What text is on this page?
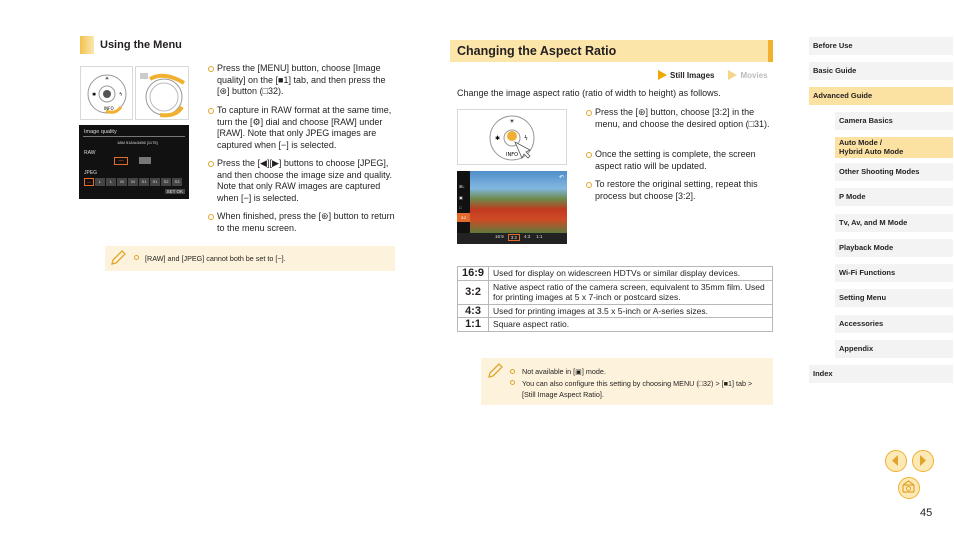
Using the Menu
☀
✱	ϟ
INFO
Image quality
18M 5184x3456 [1175]
RAW
—
JPEG
—	L	L	M	M	S1	S1	S2	S3
SET OK
Press the [MENU] button, choose [Image quality] on the [■1] tab, and then press the [⊛] button (□32).
To capture in RAW format at the same time, turn the [⚙] dial and choose [RAW] under [RAW]. Note that only JPEG images are captured when [−] is selected.
Press the [◀][▶] buttons to choose [JPEG], and then choose the image size and quality. Note that only RAW images are captured when [−] is selected.
When finished, press the [⊛] button to return to the menu screen.
[RAW] and [JPEG] cannot both be set to [−].
Changing the Aspect Ratio
Still Images	Movies
Change the image aspect ratio (ratio of width to height) as follows.
☀
✱	ϟ
INFO
⊞L
▣
□
3:2
↶
16:9	3:2	4:3	1:1
Press the [⊛] button, choose [3:2] in the menu, and choose the desired option (□31).
Once the setting is complete, the screen aspect ratio will be updated.
To restore the original setting, repeat this process but choose [3:2].
16:9	Used for display on widescreen HDTVs or similar display devices.
3:2	Native aspect ratio of the camera screen, equivalent to 35mm film. Used for printing images at 5 x 7-inch or postcard sizes.
4:3	Used for printing images at 3.5 x 5-inch or A-series sizes.
1:1	Square aspect ratio.
Not available in [▣] mode.
You can also configure this setting by choosing MENU (□32) > [■1] tab > [Still Image Aspect Ratio].
Before Use
Basic Guide
Advanced Guide
Camera Basics
Auto Mode /
Hybrid Auto Mode
Other Shooting Modes
P Mode
Tv, Av, and M Mode
Playback Mode
Wi-Fi Functions
Setting Menu
Accessories
Appendix
Index
45
